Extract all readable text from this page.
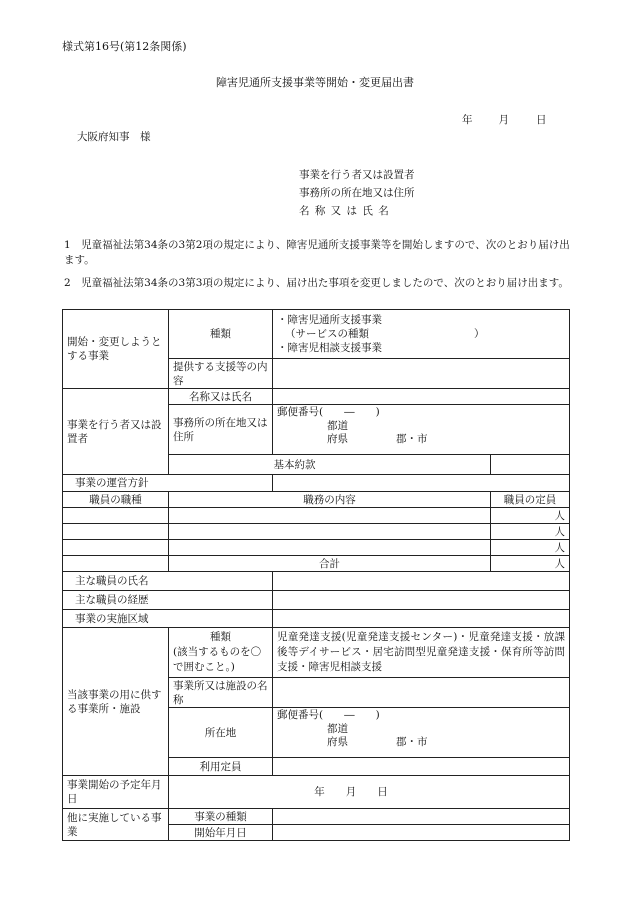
様式第16号(第12条関係)
障害児通所支援事業等開始・変更届出書
年 月	日
大阪府知事　様
事業を行う者又は設置者
事務所の所在地又は住所
名 称 又 は 氏 名
1　児童福祉法第34条の3第2項の規定により、障害児通所支援事業等を開始しますので、次のとおり届け出ます。
2　児童福祉法第34条の3第3項の規定により、届け出た事項を変更しましたので、次のとおり届け出ます。
開始・変更しようとする事業	種類	・障害児通所支援事業
（サービスの種類　　　　　　　　　　）
・障害児相談支援事業	

	提供する支援等の内容		
事業を行う者又は設置者	名称又は氏名		
	事務所の所在地又は住所	郵便番号(　　―　　)
都道
府県 郡・市	

	基本約款		
事業の運営方針			
職員の職種	職務の内容		職員の定員
			人
			人
			人
	合計		人
主な職員の氏名			
主な職員の経歴			
事業の実施区域			
当該事業の用に供する事業所・施設	種類
(該当するものを〇で囲むこと。)	児童発達支援(児童発達支援センター)・児童発達支援・放課後等デイサービス・居宅訪問型児童発達支援・保育所等訪問支援・障害児相談支援	
	事業所又は施設の名称		
	所在地	郵便番号(　　―　　)
都道
府県 郡・市	

	利用定員		
事業開始の予定年月日	年　　月　　日		
他に実施している事業	事業の種類		
	開始年月日		
